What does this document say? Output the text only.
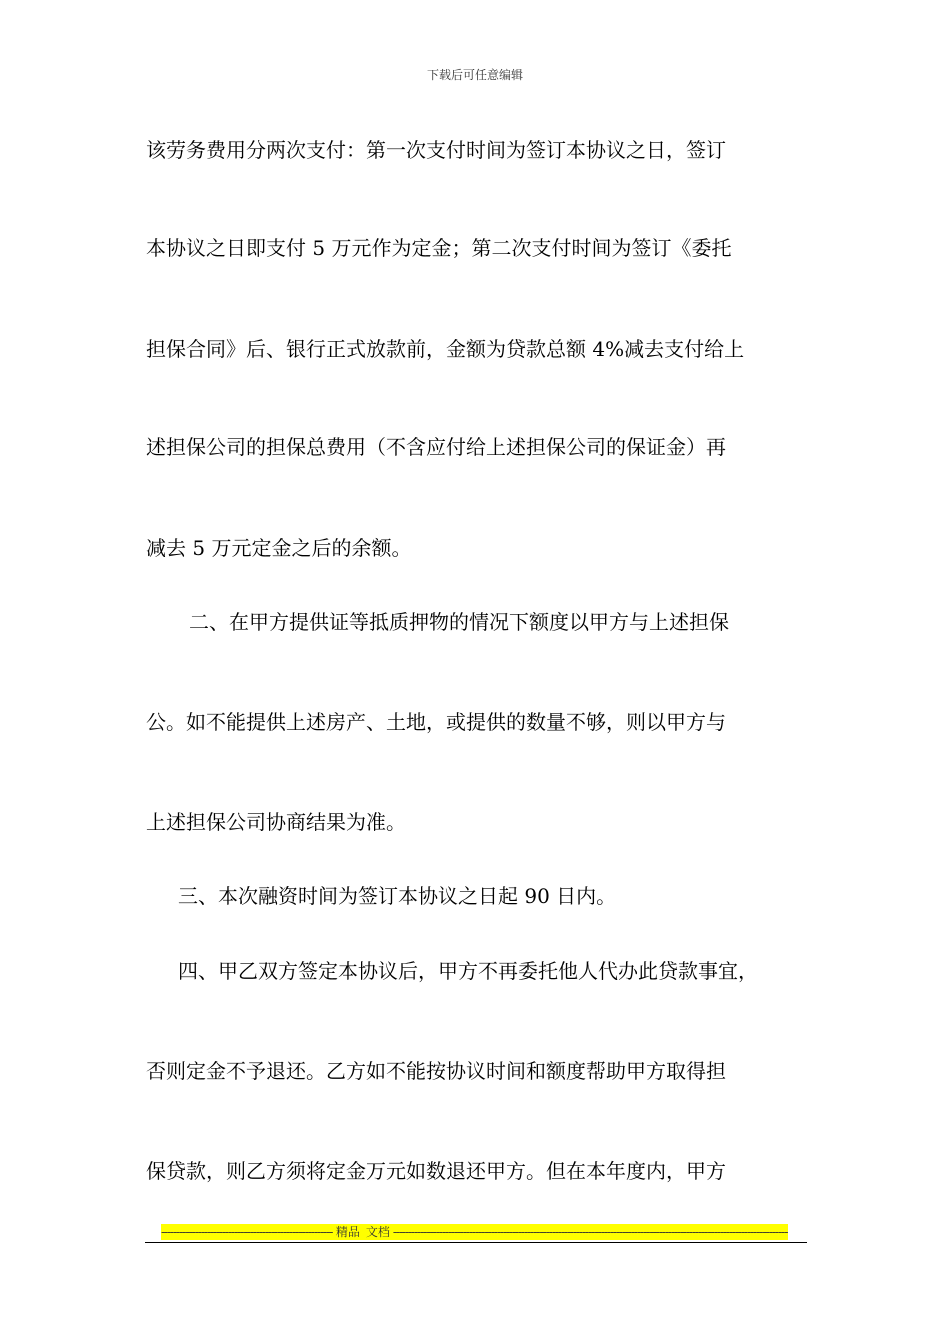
下载后可任意编辑
该劳务费用分两次支付：第一次支付时间为签订本协议之日，签订
本协议之日即支付 5 万元作为定金；第二次支付时间为签订《委托
担保合同》后、银行正式放款前，金额为贷款总额 4%减去支付给上
述担保公司的担保总费用（不含应付给上述担保公司的保证金）再
减去 5 万元定金之后的余额。
二、在甲方提供证等抵质押物的情况下额度以甲方与上述担保
公。如不能提供上述房产、土地，或提供的数量不够，则以甲方与
上述担保公司协商结果为准。
三、本次融资时间为签订本协议之日起 90 日内。
四、甲乙双方签定本协议后，甲方不再委托他人代办此贷款事宜，
否则定金不予退还。乙方如不能按协议时间和额度帮助甲方取得担
保贷款，则乙方须将定金万元如数退还甲方。但在本年度内，甲方
-----
精品 文档
-----
